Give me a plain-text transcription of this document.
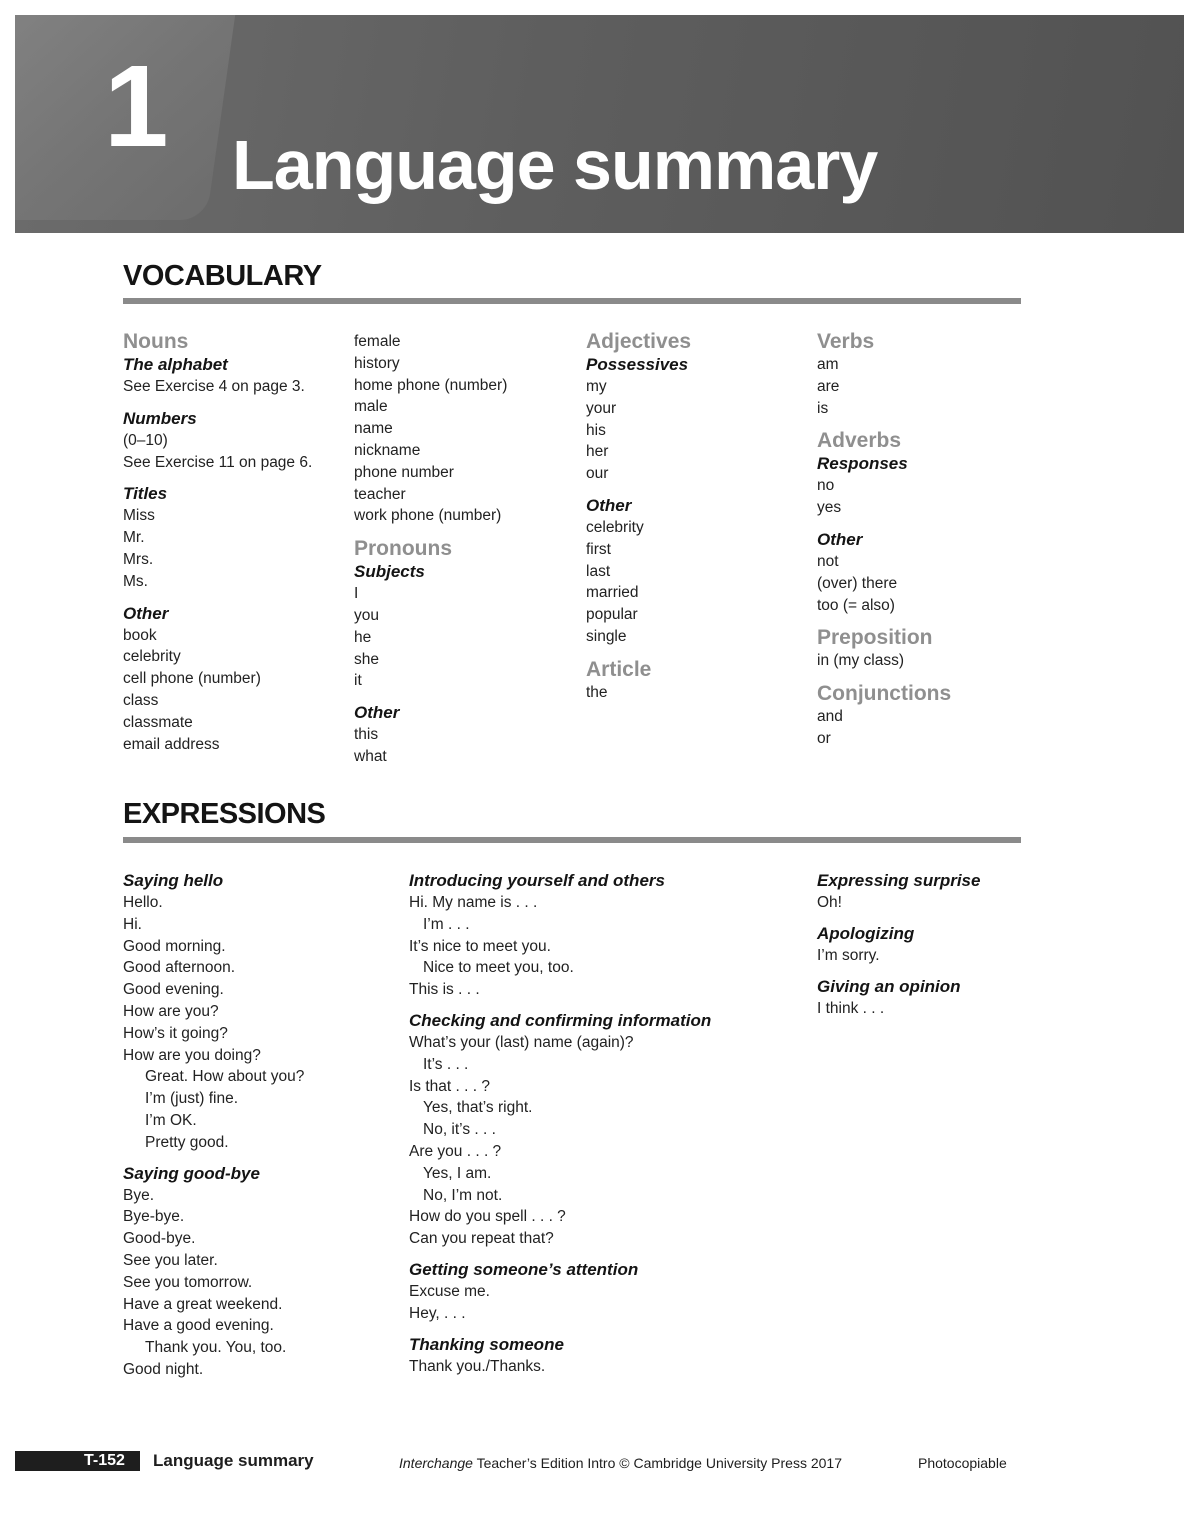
1 Language summary
VOCABULARY

Nouns

The alphabet

See Exercise 4 on page 3.

Numbers

(0–10)

See Exercise 11 on page 6.

Titles

Miss

Mr.

Mrs.

Ms.

Other

book

celebrity

cell phone (number)

class

classmate

email address

female

history

home phone (number)

male

name

nickname

phone number

teacher

work phone (number)

Pronouns

Subjects

I

you

he

she

it

Other

this

what

Adjectives

Possessives

my

your

his

her

our

Other

celebrity

first

last

married

popular

single

Article

the

Verbs

am

are

is

Adverbs

Responses

no

yes

Other

not

(over) there

too (= also)

Preposition

in (my class)

Conjunctions

and

or

EXPRESSIONS

Saying hello

Hello.

Hi.

Good morning.

Good afternoon.

Good evening.

How are you?

How’s it going?

How are you doing?

Great. How about you?

I’m (just) fine.

I’m OK.

Pretty good.

Saying good-bye

Bye.

Bye-bye.

Good-bye.

See you later.

See you tomorrow.

Have a great weekend.

Have a good evening.

Thank you. You, too.

Good night.

Introducing yourself and others

Hi. My name is . . .

I’m . . .

It’s nice to meet you.

Nice to meet you, too.

This is . . .

Checking and confirming information

What’s your (last) name (again)?

It’s . . .

Is that . . . ?

Yes, that’s right.

No, it’s . . .

Are you . . . ?

Yes, I am.

No, I’m not.

How do you spell . . . ?

Can you repeat that?

Getting someone’s attention

Excuse me.

Hey, . . .

Thanking someone

Thank you./Thanks.

Expressing surprise

Oh!

Apologizing

I’m sorry.

Giving an opinion

I think . . .

T-152 Language summary	Interchange Teacher’s Edition Intro © Cambridge University Press 2017	Photocopiable
